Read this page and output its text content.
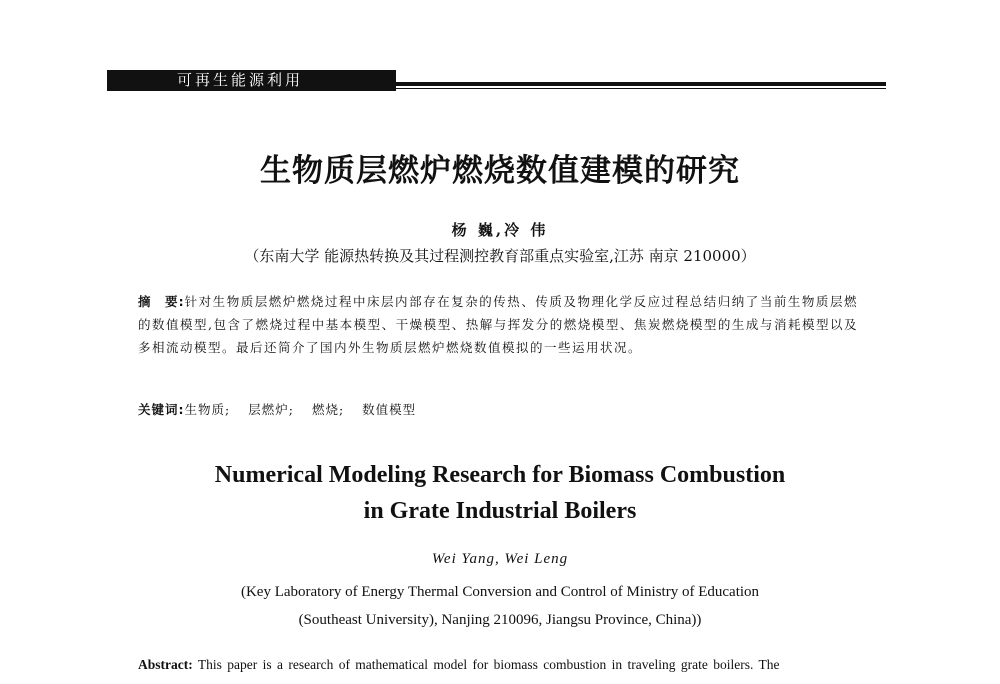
可再生能源利用
生物质层燃炉燃烧数值建模的研究
杨 巍,冷 伟
（东南大学 能源热转换及其过程测控教育部重点实验室,江苏 南京 210000）
摘　要:针对生物质层燃炉燃烧过程中床层内部存在复杂的传热、传质及物理化学反应过程总结归纳了当前生物质层燃的数值模型,包含了燃烧过程中基本模型、干燥模型、热解与挥发分的燃烧模型、焦炭燃烧模型的生成与消耗模型以及多相流动模型。最后还简介了国内外生物质层燃炉燃烧数值模拟的一些运用状况。
关键词:生物质; 层燃炉; 燃烧; 数值模型
Numerical Modeling Research for Biomass Combustion
in Grate Industrial Boilers
Wei Yang, Wei Leng
(Key Laboratory of Energy Thermal Conversion and Control of Ministry of Education
(Southeast University), Nanjing 210096, Jiangsu Province, China))
Abstract: This paper is a research of mathematical model for biomass combustion in traveling grate boilers. The
